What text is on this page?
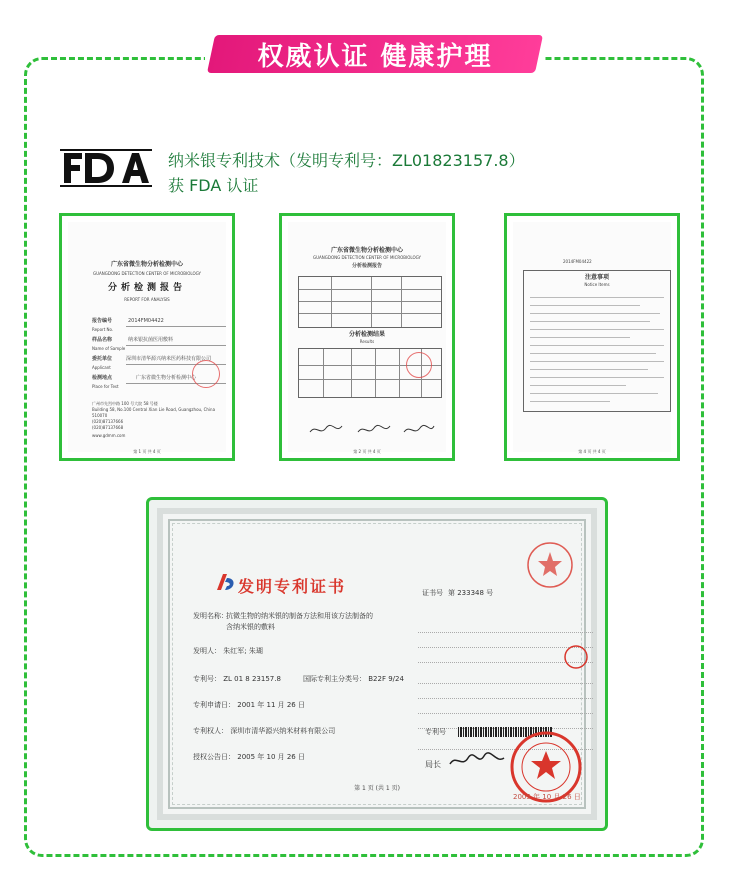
权威认证 健康护理
纳米银专利技术（发明专利号：ZL01823157.8）
获 FDA 认证
广东省微生物分析检测中心
GUANGDONG DETECTION CENTER OF MICROBIOLOGY
分析检测报告
REPORT FOR ANALYSIS
报告编号	2014FM04422
Report No.
样品名称	纳米银抗菌医用敷料
Name of Sample
委托单位	深圳市清华源兴纳米医药科技有限公司
Applicant
检测地点	广东省微生物分析检测中心
Place for Test
广州市先烈中路 100 号大院 58 号楼
Building 58, No.100 Central Xian Lie Road, Guangzhou, China
510070
(020)87137666
(020)87137668
www.gdmm.com
第 1 页 共 4 页
广东省微生物分析检测中心
GUANGDONG DETECTION CENTER OF MICROBIOLOGY
分析检测报告
分析检测结果
Results
第 2 页 共 4 页
2014FM04422
注意事项
Notice Items
第 4 页 共 4 页
发明专利证书	证书号 第 233348 号
发明名称：
抗微生物的纳米银的制备方法和用该方法制备的含纳米银的敷料
发明人： 朱红军; 朱瑚
专利号： ZL 01 8 23157.8	国际专利主分类号： B22F 9/24
专利申请日： 2001 年 11 月 26 日
专利权人： 深圳市清华源兴纳米材料有限公司
授权公告日： 2005 年 10 月 26 日
专利号
局长
2005 年 10 月 26 日
第 1 页 (共 1 页)
